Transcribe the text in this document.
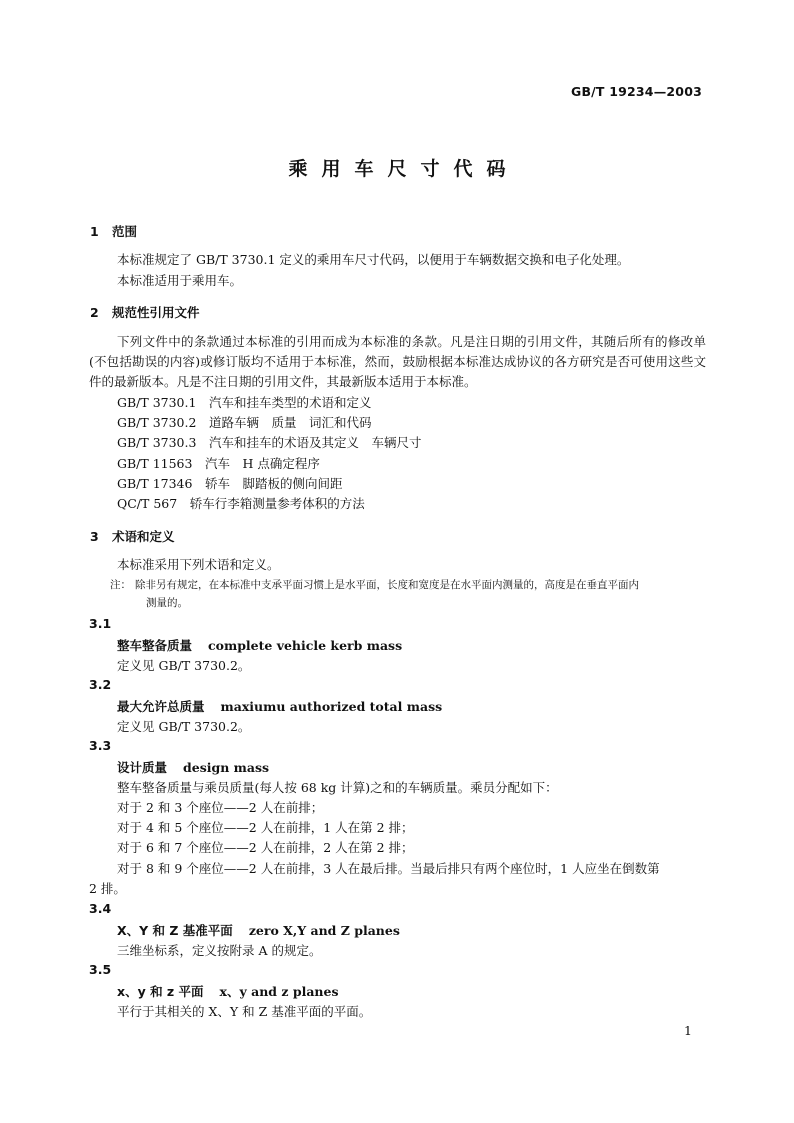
GB/T 19234—2003
乘用车尺寸代码
1 范围
本标准规定了 GB/T 3730.1 定义的乘用车尺寸代码，以便用于车辆数据交换和电子化处理。
本标准适用于乘用车。
2 规范性引用文件
下列文件中的条款通过本标准的引用而成为本标准的条款。凡是注日期的引用文件，其随后所有的修改单(不包括勘误的内容)或修订版均不适用于本标准，然而，鼓励根据本标准达成协议的各方研究是否可使用这些文件的最新版本。凡是不注日期的引用文件，其最新版本适用于本标准。
GB/T 3730.1　 汽车和挂车类型的术语和定义
GB/T 3730.2　 道路车辆　质量　词汇和代码
GB/T 3730.3　 汽车和挂车的术语及其定义　车辆尺寸
GB/T 11563　 汽车　H 点确定程序
GB/T 17346　 轿车　脚踏板的侧向间距
QC/T 567　 轿车行李箱测量参考体积的方法
3 术语和定义
本标准采用下列术语和定义。
注： 除非另有规定，在本标准中支承平面习惯上是水平面，长度和宽度是在水平面内测量的，高度是在垂直平面内
测量的。
3.1
整车整备质量 complete vehicle kerb mass
定义见 GB/T 3730.2。
3.2
最大允许总质量 maxiumu authorized total mass
定义见 GB/T 3730.2。
3.3
设计质量 design mass
整车整备质量与乘员质量(每人按 68 kg 计算)之和的车辆质量。乘员分配如下：
对于 2 和 3 个座位——2 人在前排；
对于 4 和 5 个座位——2 人在前排，1 人在第 2 排；
对于 6 和 7 个座位——2 人在前排，2 人在第 2 排；
对于 8 和 9 个座位——2 人在前排，3 人在最后排。当最后排只有两个座位时，1 人应坐在倒数第
2 排。
3.4
X、Y 和 Z 基准平面 zero X,Y and Z planes
三维坐标系，定义按附录 A 的规定。
3.5
x、y 和 z 平面 x、y and z planes
平行于其相关的 X、Y 和 Z 基准平面的平面。
1
